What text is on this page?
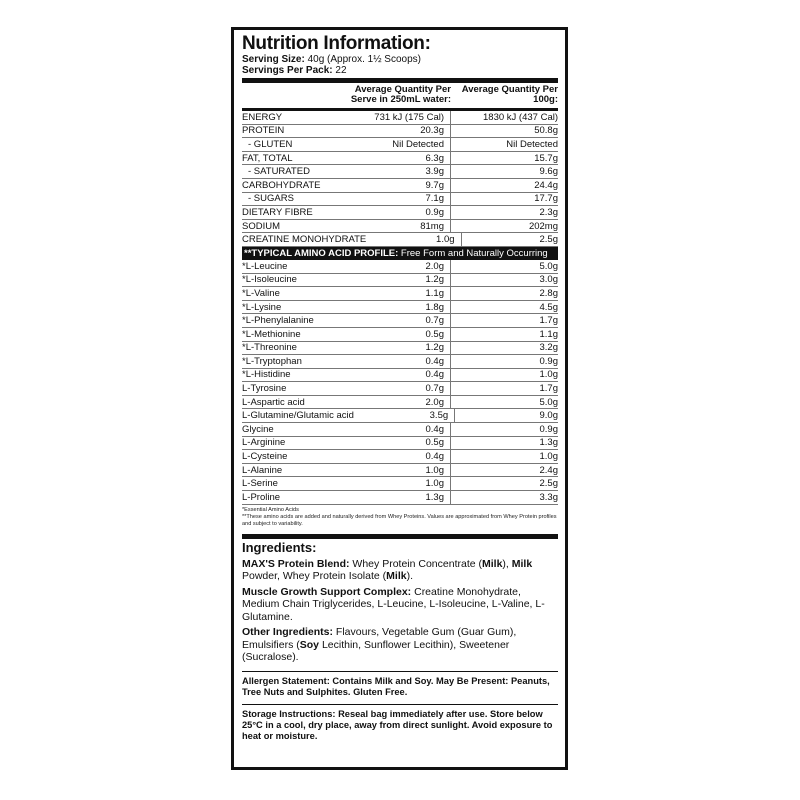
Nutrition Information:
Serving Size: 40g (Approx. 1½ Scoops)
Servings Per Pack: 22
Average Quantity Per Serve in 250mL water:
Average Quantity Per 100g:
ENERGY	731 kJ (175 Cal)	1830 kJ (437 Cal)
PROTEIN	20.3g	50.8g
- GLUTEN	Nil Detected	Nil Detected
FAT, TOTAL	6.3g	15.7g
- SATURATED	3.9g	9.6g
CARBOHYDRATE	9.7g	24.4g
- SUGARS	7.1g	17.7g
DIETARY FIBRE	0.9g	2.3g
SODIUM	81mg	202mg
CREATINE MONOHYDRATE	1.0g	2.5g
**TYPICAL AMINO ACID PROFILE: Free Form and Naturally Occurring
*L-Leucine	2.0g	5.0g
*L-Isoleucine	1.2g	3.0g
*L-Valine	1.1g	2.8g
*L-Lysine	1.8g	4.5g
*L-Phenylalanine	0.7g	1.7g
*L-Methionine	0.5g	1.1g
*L-Threonine	1.2g	3.2g
*L-Tryptophan	0.4g	0.9g
*L-Histidine	0.4g	1.0g
L-Tyrosine	0.7g	1.7g
L-Aspartic acid	2.0g	5.0g
L-Glutamine/Glutamic acid	3.5g	9.0g
Glycine	0.4g	0.9g
L-Arginine	0.5g	1.3g
L-Cysteine	0.4g	1.0g
L-Alanine	1.0g	2.4g
L-Serine	1.0g	2.5g
L-Proline	1.3g	3.3g
*Essential Amino Acids
**These amino acids are added and naturally derived from Whey Proteins. Values are approximated from Whey Protein profiles and subject to variability.
Ingredients:
MAX'S Protein Blend: Whey Protein Concentrate (Milk), Milk Powder, Whey Protein Isolate (Milk).
Muscle Growth Support Complex: Creatine Monohydrate, Medium Chain Triglycerides, L-Leucine, L-Isoleucine, L-Valine, L-Glutamine.
Other Ingredients: Flavours, Vegetable Gum (Guar Gum), Emulsifiers (Soy Lecithin, Sunflower Lecithin), Sweetener (Sucralose).
Allergen Statement: Contains Milk and Soy. May Be Present: Peanuts, Tree Nuts and Sulphites. Gluten Free.
Storage Instructions: Reseal bag immediately after use. Store below 25°C in a cool, dry place, away from direct sunlight. Avoid exposure to heat or moisture.
